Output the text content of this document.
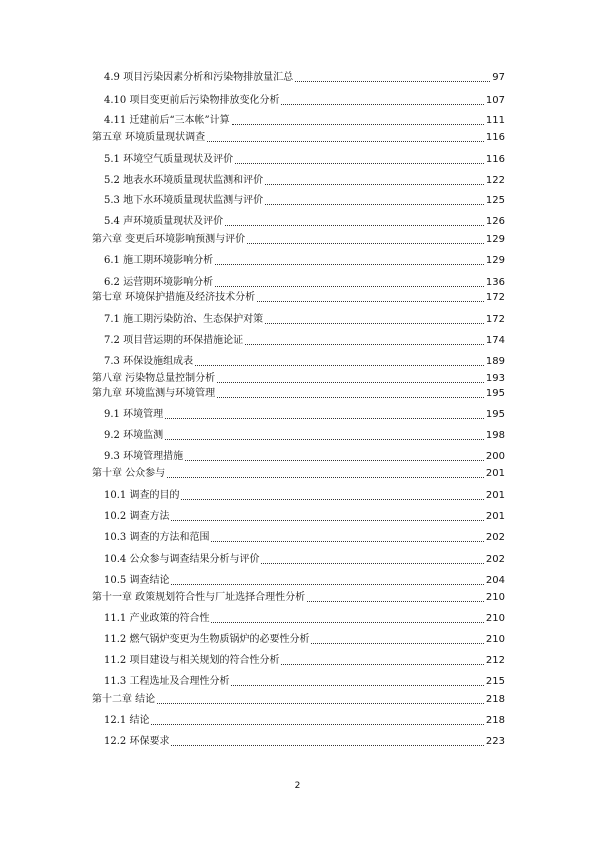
4.9 项目污染因素分析和污染物排放量汇总	97
4.10 项目变更前后污染物排放变化分析	107
4.11 迁建前后“三本帐”计算	111
第五章 环境质量现状调查	116
5.1 环境空气质量现状及评价	116
5.2 地表水环境质量现状监测和评价	122
5.3 地下水环境质量现状监测与评价	125
5.4 声环境质量现状及评价	126
第六章 变更后环境影响预测与评价	129
6.1 施工期环境影响分析	129
6.2 运营期环境影响分析	136
第七章 环境保护措施及经济技术分析	172
7.1 施工期污染防治、生态保护对策	172
7.2 项目营运期的环保措施论证	174
7.3 环保设施组成表	189
第八章 污染物总量控制分析	193
第九章 环境监测与环境管理	195
9.1 环境管理	195
9.2 环境监测	198
9.3 环境管理措施	200
第十章 公众参与	201
10.1 调查的目的	201
10.2 调查方法	201
10.3 调查的方法和范围	202
10.4 公众参与调查结果分析与评价	202
10.5 调查结论	204
第十一章 政策规划符合性与厂址选择合理性分析	210
11.1 产业政策的符合性	210
11.2 燃气锅炉变更为生物质锅炉的必要性分析	210
11.2 项目建设与相关规划的符合性分析	212
11.3 工程选址及合理性分析	215
第十二章 结论	218
12.1 结论	218
12.2 环保要求	223
2
